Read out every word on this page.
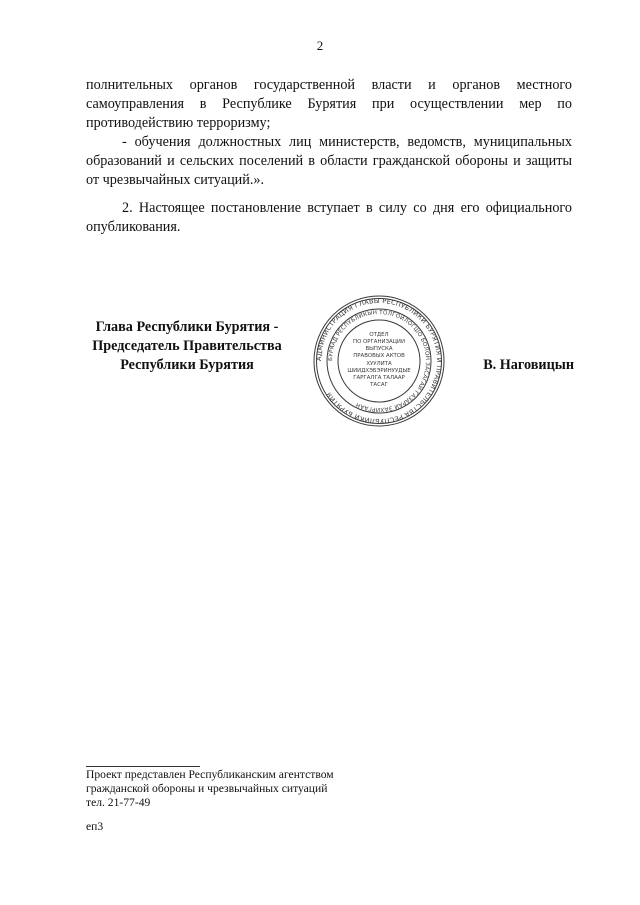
2

полнительных органов государственной власти и органов местного самоуправления в Республике Бурятия при осуществлении мер по противодействию терроризму;

- обучения должностных лиц министерств, ведомств, муниципальных образований и сельских поселений в области гражданской обороны и защиты от чрезвычайных ситуаций.».

2. Настоящее постановление вступает в силу со дня его официального опубликования.

Глава Республики Бурятия -
Председатель Правительства
Республики Бурятия	АДМИНИСТРАЦИЯ ГЛАВЫ РЕСПУБЛИКИ БУРЯТИЯ И ПРАВИТЕЛЬСТВА РЕСПУБЛИКИ БУРЯТИЯ
БУРЯАД РЕСПУБЛИКЫН ТОЛГОЙЛОГШО БОЛОН ЗАСАГАЙ ГАЗАРАЙ ЗАХИРГААН
ОТДЕЛ
ПО ОРГАНИЗАЦИИ
ВЫПУСКА
ПРАВОВЫХ АКТОВ
ХУУЛИТА
ШИИДХЭБЭРИНУУДЫЕ
ГАРГАЛГА ТАЛААР
ТАСАГ
В. Наговицын
Проект представлен Республиканским агентством
гражданской обороны и чрезвычайных ситуаций
тел. 21-77-49
еп3
